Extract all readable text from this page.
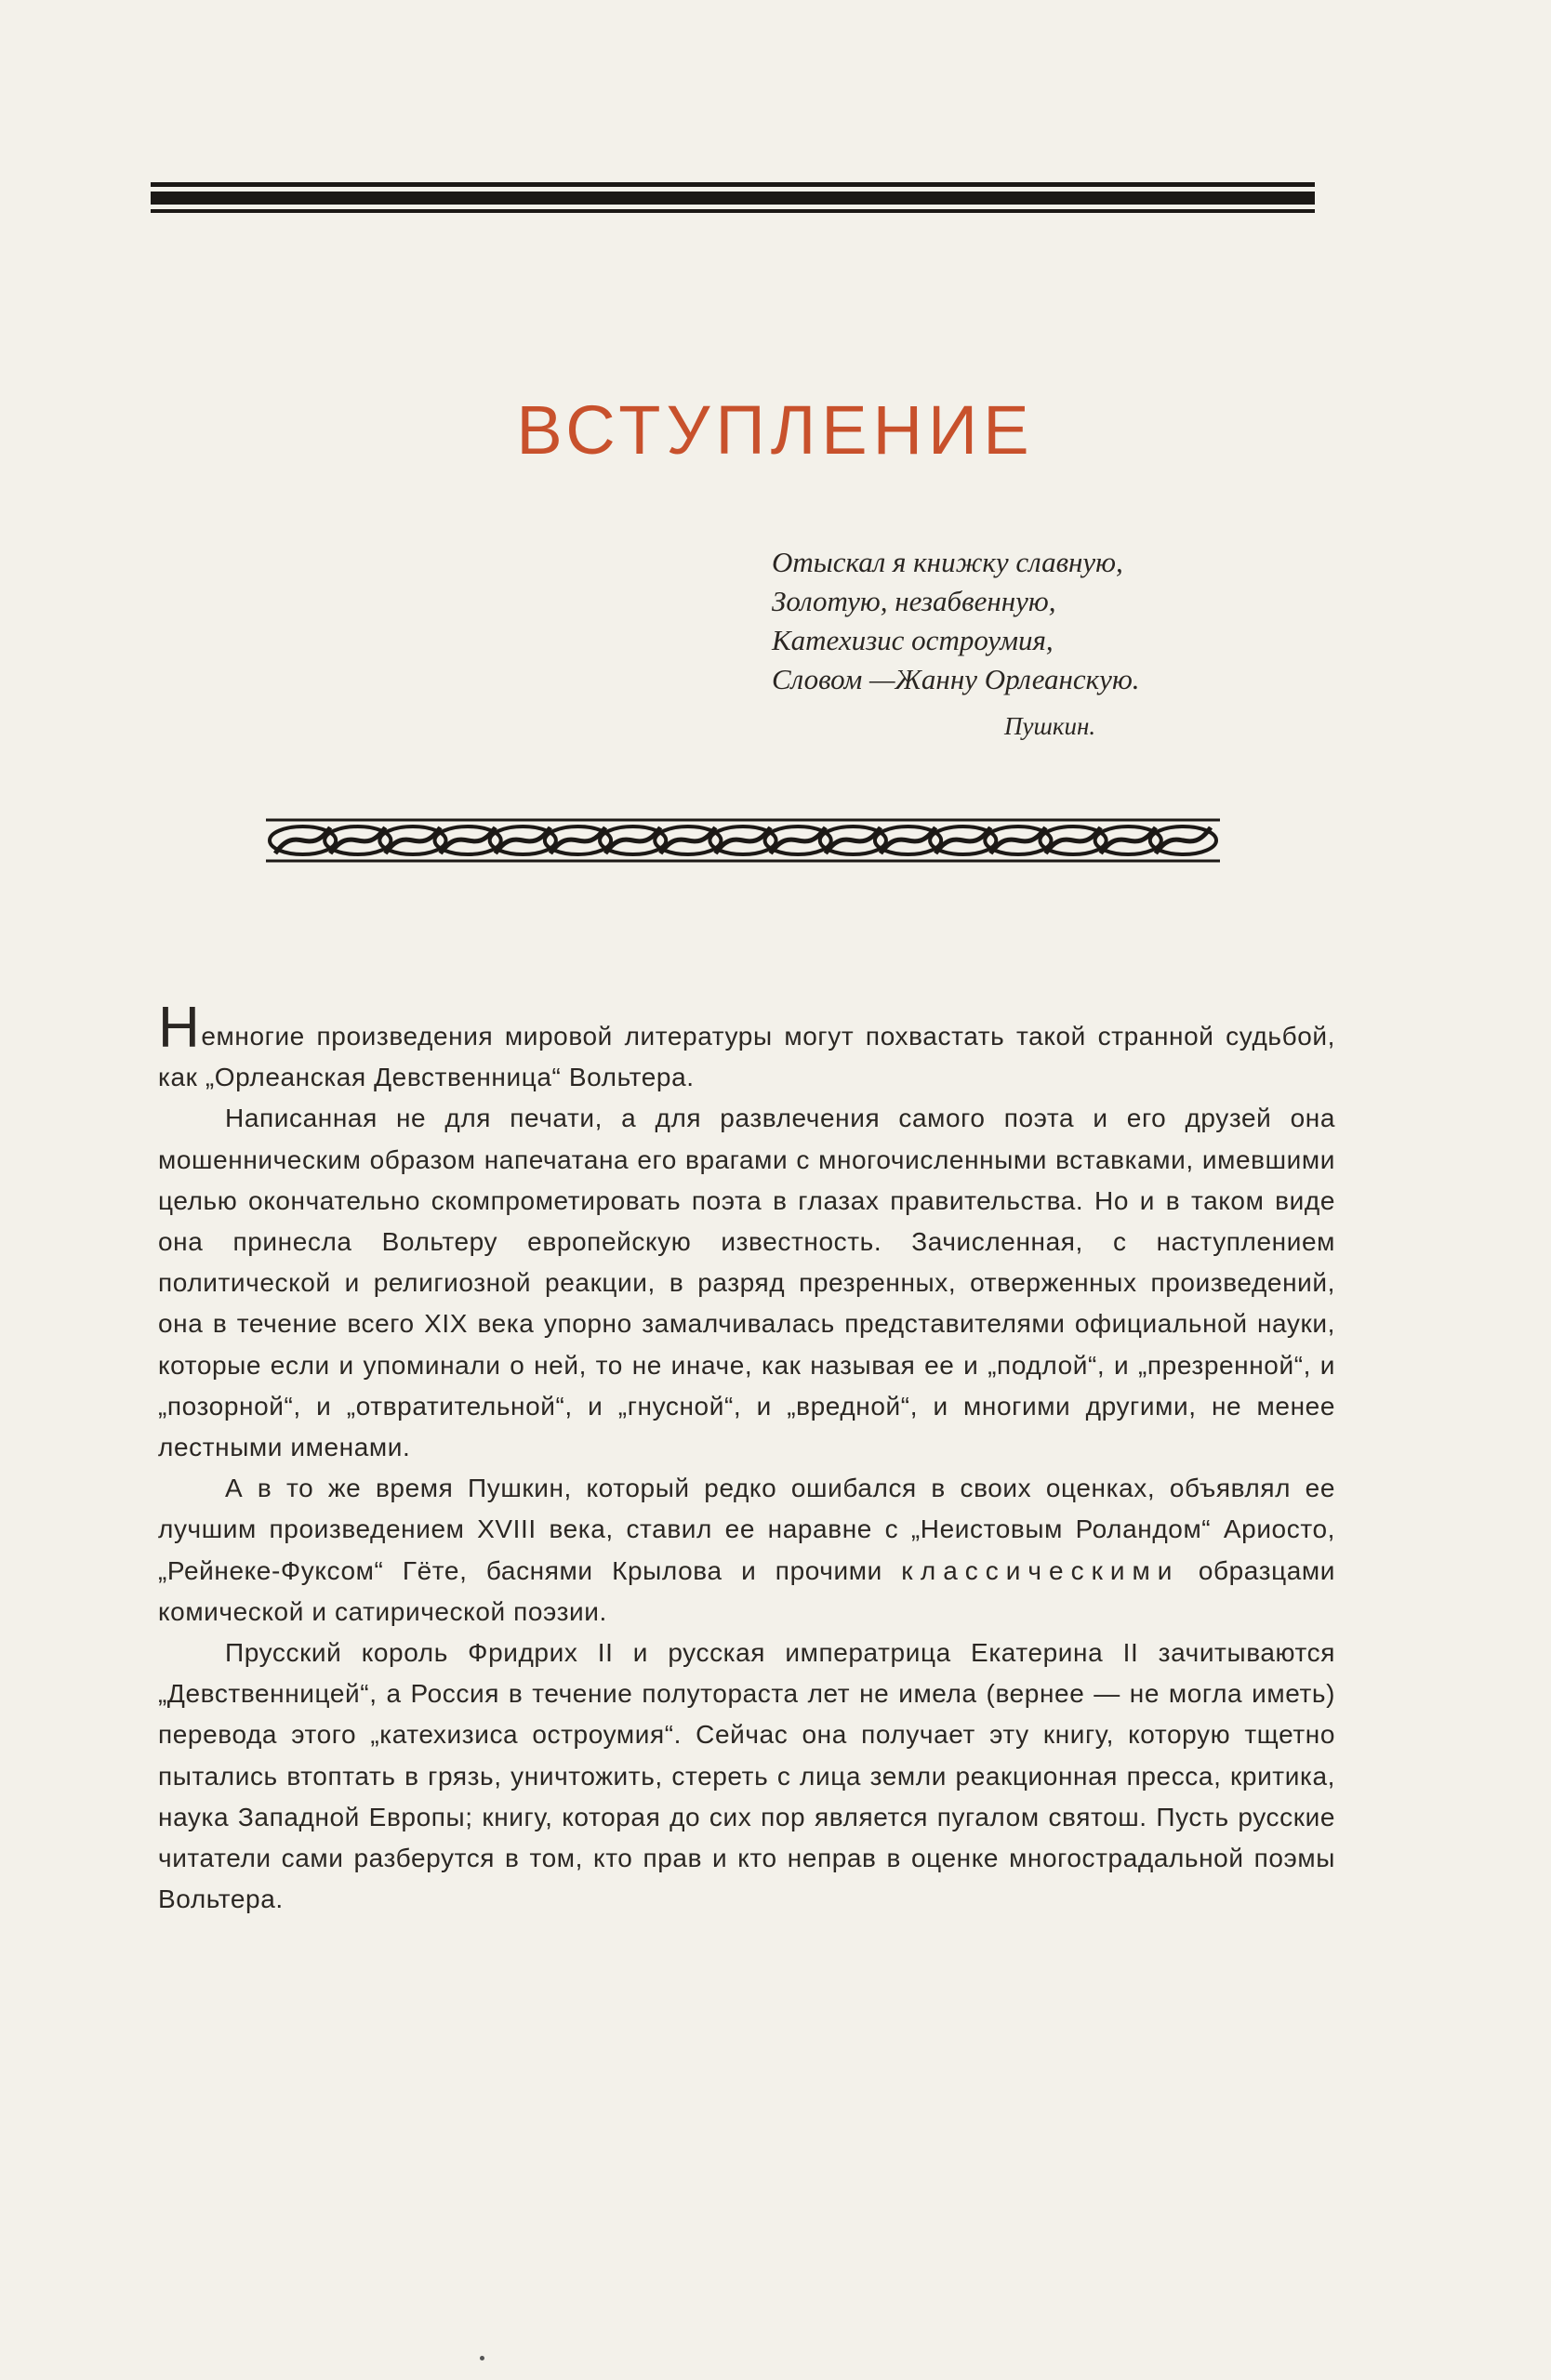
ВСТУПЛЕНИЕ
Отыскал я книжку славную,
Золотую, незабвенную,
Катехизис остроумия,
Словом —Жанну Орлеанскую.
Пушкин.

Немногие произведения мировой литературы могут похвастать такой странной судьбой, как „Орлеанская Девственница“ Вольтера.

Написанная не для печати, а для развлечения самого поэта и его друзей она мошенническим образом напечатана его врагами с многочисленными вставками, имевшими целью окончательно скомпрометировать поэта в глазах правительства. Но и в таком виде она принесла Вольтеру европейскую известность. Зачисленная, с наступлением политической и религиозной реакции, в разряд презренных, отверженных произведений, она в течение всего XIX века упорно замалчивалась представителями официальной науки, которые если и упоминали о ней, то не иначе, как называя ее и „подлой“, и „презренной“, и „позорной“, и „отвратительной“, и „гнусной“, и „вредной“, и многими другими, не менее лестными именами.

А в то же время Пушкин, который редко ошибался в своих оценках, объявлял ее лучшим произведением XVIII века, ставил ее наравне с „Неистовым Роландом“ Ариосто, „Рейнеке-Фуксом“ Гёте, баснями Крылова и прочими классическими образцами комической и сатирической поэзии.

Прусский король Фридрих II и русская императрица Екатерина II зачитываются „Девственницей“, а Россия в течение полутораста лет не имела (вернее — не могла иметь) перевода этого „катехизиса остроумия“. Сейчас она получает эту книгу, которую тщетно пытались втоптать в грязь, уничтожить, стереть с лица земли реакционная пресса, критика, наука Западной Европы; книгу, которая до сих пор является пугалом святош. Пусть русские читатели сами разберутся в том, кто прав и кто неправ в оценке многострадальной поэмы Вольтера.
